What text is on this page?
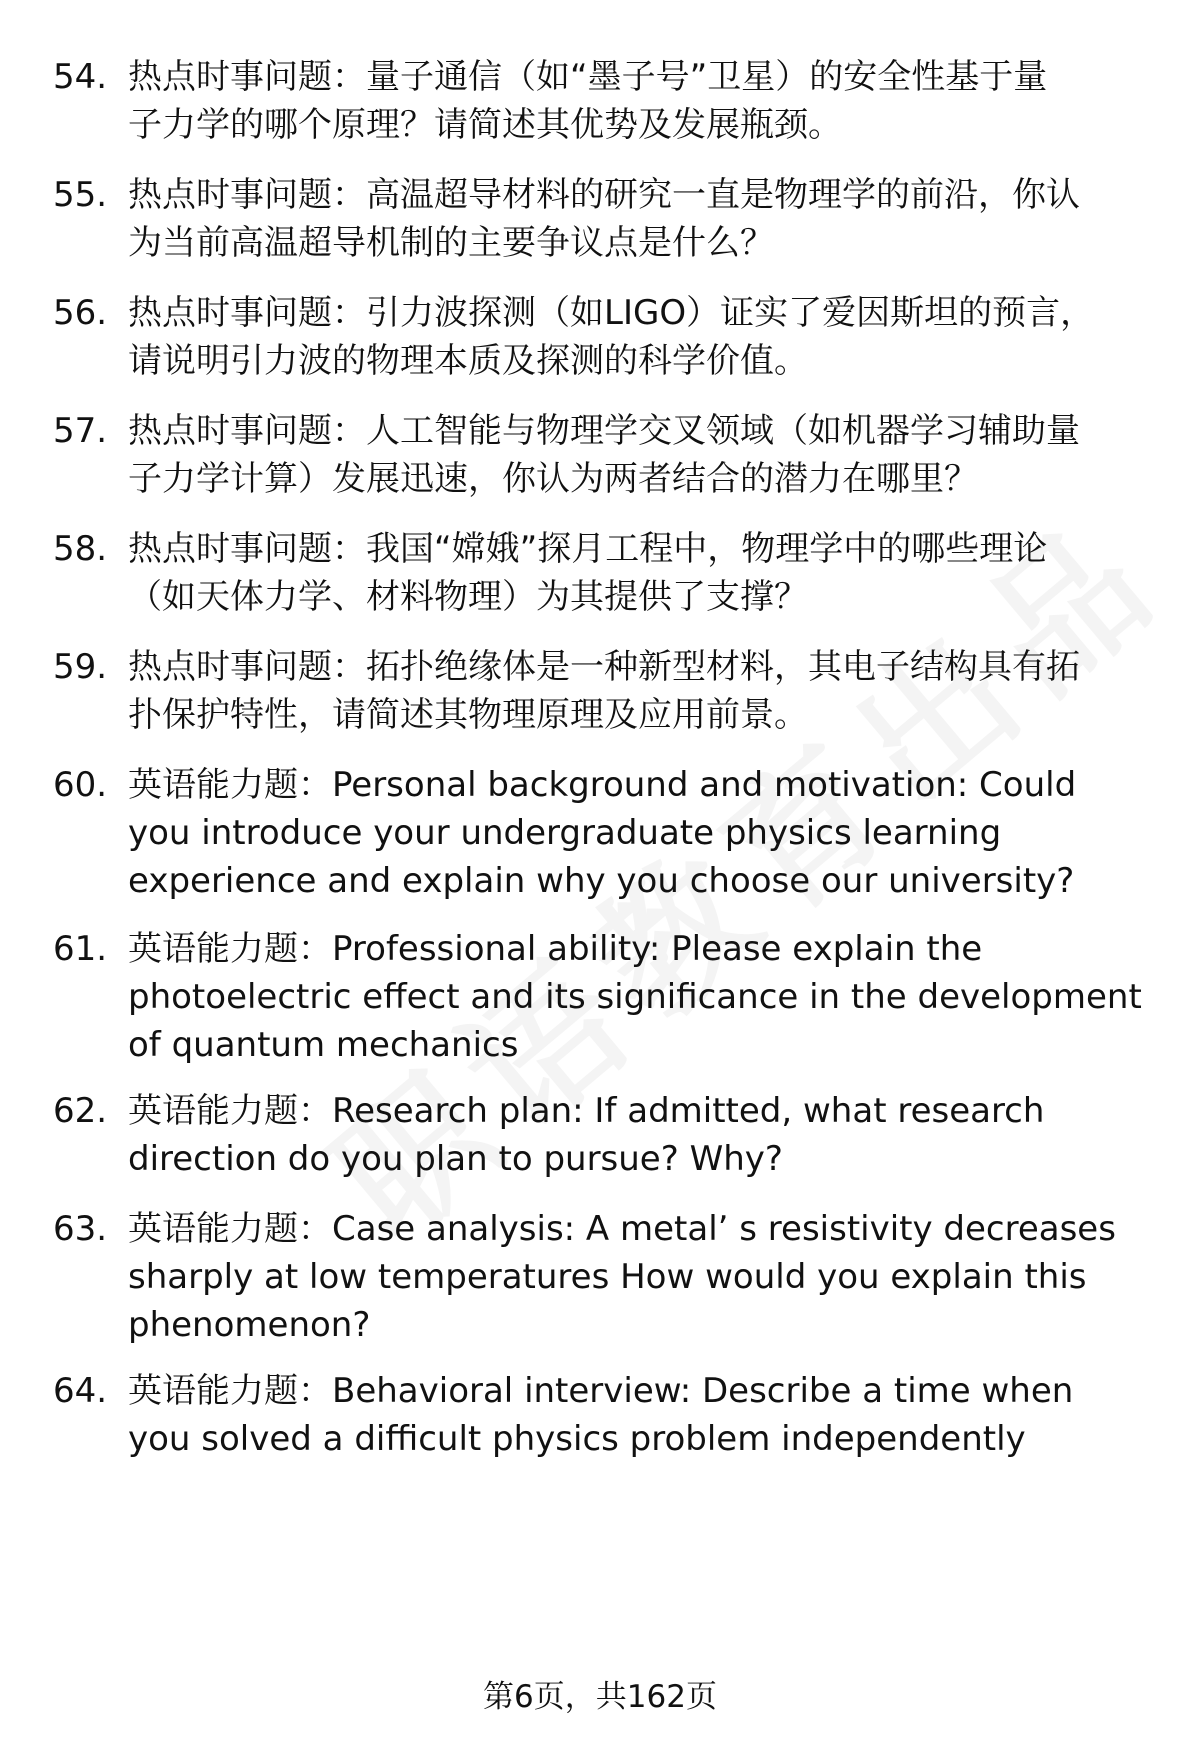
54. 热点时事问题：量子通信（如“墨子号”卫星）的安全性基于量
子力学的哪个原理？请简述其优势及发展瓶颈。
55. 热点时事问题：高温超导材料的研究一直是物理学的前沿，你认
为当前高温超导机制的主要争议点是什么？
56. 热点时事问题：引力波探测（如LIGO）证实了爱因斯坦的预言，
请说明引力波的物理本质及探测的科学价值。
57. 热点时事问题：人工智能与物理学交叉领域（如机器学习辅助量
子力学计算）发展迅速，你认为两者结合的潜力在哪里？
58. 热点时事问题：我国“嫦娥”探月工程中，物理学中的哪些理论
（如天体力学、材料物理）为其提供了支撑？
59. 热点时事问题：拓扑绝缘体是一种新型材料，其电子结构具有拓
扑保护特性，请简述其物理原理及应用前景。
60. 英语能力题：Personal background and motivation: Could
you introduce your undergraduate physics learning
experience and explain why you choose our university?
61. 英语能力题：Professional ability: Please explain the
photoelectric effect and its significance in the development
of quantum mechanics
62. 英语能力题：Research plan: If admitted, what research
direction do you plan to pursue? Why?
63. 英语能力题：Case analysis: A metal’ s resistivity decreases
sharply at low temperatures How would you explain this
phenomenon?
64. 英语能力题：Behavioral interview: Describe a time when
you solved a difficult physics problem independently
第6页，共162页
